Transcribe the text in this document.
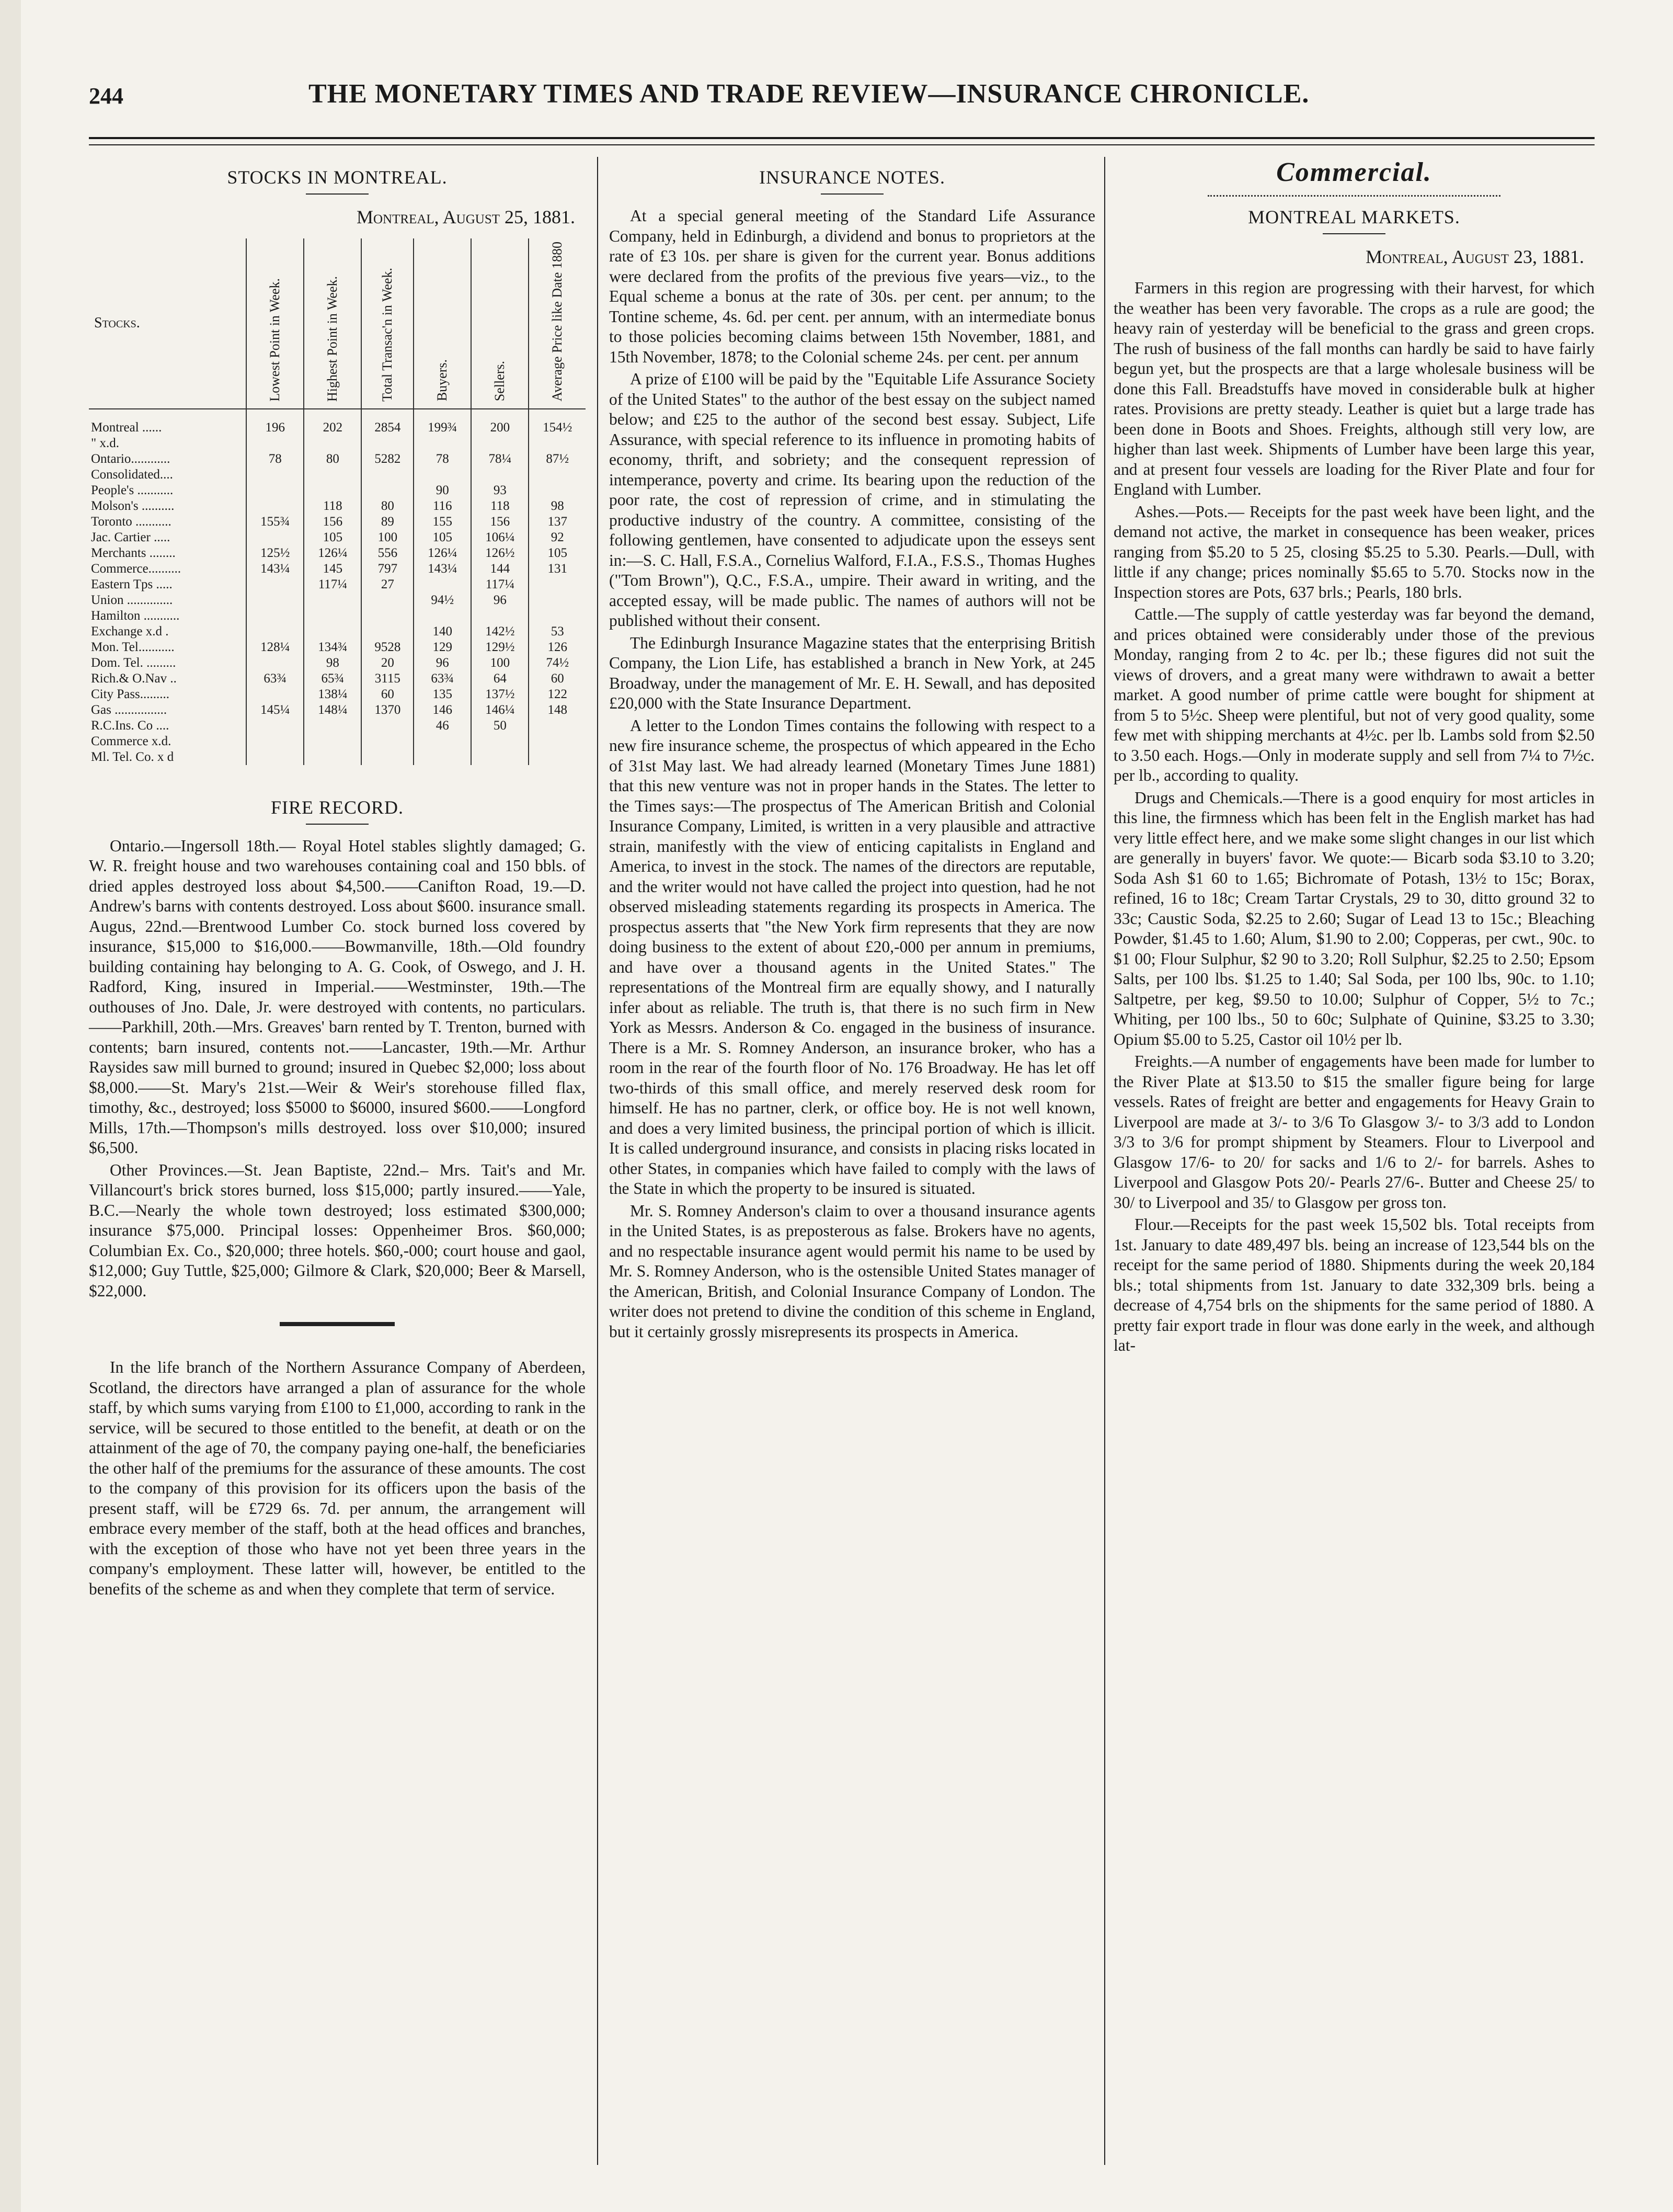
244	THE MONETARY TIMES AND TRADE REVIEW—INSURANCE CHRONICLE.
STOCKS IN MONTREAL.
Montreal, August 25, 1881.
Stocks.	Lowest Point in Week.	Highest Point in Week.	Total Transac'n in Week.	Buyers.	Sellers.	Average Price like Date 1880
Montreal ......	196	202	2854	199¾	200	154½
" x.d.						
Ontario............	78	80	5282	78	78¼	87½
Consolidated....						
People's ...........				90	93	
Molson's ..........		118	80	116	118	98
Toronto ...........	155¾	156	89	155	156	137
Jac. Cartier .....		105	100	105	106¼	92
Merchants ........	125½	126¼	556	126¼	126½	105
Commerce..........	143¼	145	797	143¼	144	131
Eastern Tps .....		117¼	27		117¼	
Union ..............				94½	96	
Hamilton ...........						
Exchange x.d .				140	142½	53
Mon. Tel...........	128¼	134¾	9528	129	129½	126
Dom. Tel. .........		98	20	96	100	74½
Rich.& O.Nav ..	63¾	65¾	3115	63¾	64	60
City Pass.........		138¼	60	135	137½	122
Gas ................	145¼	148¼	1370	146	146¼	148
R.C.Ins. Co ....				46	50	
Commerce x.d.						
Ml. Tel. Co. x d						
FIRE RECORD.

Ontario.—Ingersoll 18th.— Royal Hotel stables slightly damaged; G. W. R. freight house and two warehouses containing coal and 150 bbls. of dried apples destroyed loss about $4,500.——Canifton Road, 19.—D. Andrew's barns with contents destroyed. Loss about $600. insurance small. Augus, 22nd.—Brentwood Lumber Co. stock burned loss covered by insurance, $15,000 to $16,000.——Bowmanville, 18th.—Old foundry building containing hay belonging to A. G. Cook, of Oswego, and J. H. Radford, King, insured in Imperial.——Westminster, 19th.—The outhouses of Jno. Dale, Jr. were destroyed with contents, no particulars.——Parkhill, 20th.—Mrs. Greaves' barn rented by T. Trenton, burned with contents; barn insured, contents not.——Lancaster, 19th.—Mr. Arthur Raysides saw mill burned to ground; insured in Quebec $2,000; loss about $8,000.——St. Mary's 21st.—Weir & Weir's storehouse filled flax, timothy, &c., destroyed; loss $5000 to $6000, insured $600.——Longford Mills, 17th.—Thompson's mills destroyed. loss over $10,000; insured $6,500.

Other Provinces.—St. Jean Baptiste, 22nd.– Mrs. Tait's and Mr. Villancourt's brick stores burned, loss $15,000; partly insured.——Yale, B.C.—Nearly the whole town destroyed; loss estimated $300,000; insurance $75,000. Principal losses: Oppenheimer Bros. $60,000; Columbian Ex. Co., $20,000; three hotels. $60,-000; court house and gaol, $12,000; Guy Tuttle, $25,000; Gilmore & Clark, $20,000; Beer & Marsell, $22,000.

In the life branch of the Northern Assurance Company of Aberdeen, Scotland, the directors have arranged a plan of assurance for the whole staff, by which sums varying from £100 to £1,000, according to rank in the service, will be secured to those entitled to the benefit, at death or on the attainment of the age of 70, the company paying one-half, the beneficiaries the other half of the premiums for the assurance of these amounts. The cost to the company of this provision for its officers upon the basis of the present staff, will be £729 6s. 7d. per annum, the arrangement will embrace every member of the staff, both at the head offices and branches, with the exception of those who have not yet been three years in the company's employment. These latter will, however, be entitled to the benefits of the scheme as and when they complete that term of service.

INSURANCE NOTES.

At a special general meeting of the Standard Life Assurance Company, held in Edinburgh, a dividend and bonus to proprietors at the rate of £3 10s. per share is given for the current year. Bonus additions were declared from the profits of the previous five years—viz., to the Equal scheme a bonus at the rate of 30s. per cent. per annum; to the Tontine scheme, 4s. 6d. per cent. per annum, with an intermediate bonus to those policies becoming claims between 15th November, 1881, and 15th November, 1878; to the Colonial scheme 24s. per cent. per annum

A prize of £100 will be paid by the "Equitable Life Assurance Society of the United States" to the author of the best essay on the subject named below; and £25 to the author of the second best essay. Subject, Life Assurance, with special reference to its influence in promoting habits of economy, thrift, and sobriety; and the consequent repression of intemperance, poverty and crime. Its bearing upon the reduction of the poor rate, the cost of repression of crime, and in stimulating the productive industry of the country. A committee, consisting of the following gentlemen, have consented to adjudicate upon the esseys sent in:—S. C. Hall, F.S.A., Cornelius Walford, F.I.A., F.S.S., Thomas Hughes ("Tom Brown"), Q.C., F.S.A., umpire. Their award in writing, and the accepted essay, will be made public. The names of authors will not be published without their consent.

The Edinburgh Insurance Magazine states that the enterprising British Company, the Lion Life, has established a branch in New York, at 245 Broadway, under the management of Mr. E. H. Sewall, and has deposited £20,000 with the State Insurance Department.

A letter to the London Times contains the following with respect to a new fire insurance scheme, the prospectus of which appeared in the Echo of 31st May last. We had already learned (Monetary Times June 1881) that this new venture was not in proper hands in the States. The letter to the Times says:—The prospectus of The American British and Colonial Insurance Company, Limited, is written in a very plausible and attractive strain, manifestly with the view of enticing capitalists in England and America, to invest in the stock. The names of the directors are reputable, and the writer would not have called the project into question, had he not observed misleading statements regarding its prospects in America. The prospectus asserts that "the New York firm represents that they are now doing business to the extent of about £20,-000 per annum in premiums, and have over a thousand agents in the United States." The representations of the Montreal firm are equally showy, and I naturally infer about as reliable. The truth is, that there is no such firm in New York as Messrs. Anderson & Co. engaged in the business of insurance. There is a Mr. S. Romney Anderson, an insurance broker, who has a room in the rear of the fourth floor of No. 176 Broadway. He has let off two-thirds of this small office, and merely reserved desk room for himself. He has no partner, clerk, or office boy. He is not well known, and does a very limited business, the principal portion of which is illicit. It is called underground insurance, and consists in placing risks located in other States, in companies which have failed to comply with the laws of the State in which the property to be insured is situated.

Mr. S. Romney Anderson's claim to over a thousand insurance agents in the United States, is as preposterous as false. Brokers have no agents, and no respectable insurance agent would permit his name to be used by Mr. S. Romney Anderson, who is the ostensible United States manager of the American, British, and Colonial Insurance Company of London. The writer does not pretend to divine the condition of this scheme in England, but it certainly grossly misrepresents its prospects in America.

Commercial.
MONTREAL MARKETS.
Montreal, August 23, 1881.

Farmers in this region are progressing with their harvest, for which the weather has been very favorable. The crops as a rule are good; the heavy rain of yesterday will be beneficial to the grass and green crops. The rush of business of the fall months can hardly be said to have fairly begun yet, but the prospects are that a large wholesale business will be done this Fall. Breadstuffs have moved in considerable bulk at higher rates. Provisions are pretty steady. Leather is quiet but a large trade has been done in Boots and Shoes. Freights, although still very low, are higher than last week. Shipments of Lumber have been large this year, and at present four vessels are loading for the River Plate and four for England with Lumber.

Ashes.—Pots.— Receipts for the past week have been light, and the demand not active, the market in consequence has been weaker, prices ranging from $5.20 to 5 25, closing $5.25 to 5.30. Pearls.—Dull, with little if any change; prices nominally $5.65 to 5.70. Stocks now in the Inspection stores are Pots, 637 brls.; Pearls, 180 brls.

Cattle.—The supply of cattle yesterday was far beyond the demand, and prices obtained were considerably under those of the previous Monday, ranging from 2 to 4c. per lb.; these figures did not suit the views of drovers, and a great many were withdrawn to await a better market. A good number of prime cattle were bought for shipment at from 5 to 5½c. Sheep were plentiful, but not of very good quality, some few met with shipping merchants at 4½c. per lb. Lambs sold from $2.50 to 3.50 each. Hogs.—Only in moderate supply and sell from 7¼ to 7½c. per lb., according to quality.

Drugs and Chemicals.—There is a good enquiry for most articles in this line, the firmness which has been felt in the English market has had very little effect here, and we make some slight changes in our list which are generally in buyers' favor. We quote:— Bicarb soda $3.10 to 3.20; Soda Ash $1 60 to 1.65; Bichromate of Potash, 13½ to 15c; Borax, refined, 16 to 18c; Cream Tartar Crystals, 29 to 30, ditto ground 32 to 33c; Caustic Soda, $2.25 to 2.60; Sugar of Lead 13 to 15c.; Bleaching Powder, $1.45 to 1.60; Alum, $1.90 to 2.00; Copperas, per cwt., 90c. to $1 00; Flour Sulphur, $2 90 to 3.20; Roll Sulphur, $2.25 to 2.50; Epsom Salts, per 100 lbs. $1.25 to 1.40; Sal Soda, per 100 lbs, 90c. to 1.10; Saltpetre, per keg, $9.50 to 10.00; Sulphur of Copper, 5½ to 7c.; Whiting, per 100 lbs., 50 to 60c; Sulphate of Quinine, $3.25 to 3.30; Opium $5.00 to 5.25, Castor oil 10½ per lb.

Freights.—A number of engagements have been made for lumber to the River Plate at $13.50 to $15 the smaller figure being for large vessels. Rates of freight are better and engagements for Heavy Grain to Liverpool are made at 3/- to 3/6 To Glasgow 3/- to 3/3 add to London 3/3 to 3/6 for prompt shipment by Steamers. Flour to Liverpool and Glasgow 17/6- to 20/ for sacks and 1/6 to 2/- for barrels. Ashes to Liverpool and Glasgow Pots 20/- Pearls 27/6-. Butter and Cheese 25/ to 30/ to Liverpool and 35/ to Glasgow per gross ton.

Flour.—Receipts for the past week 15,502 bls. Total receipts from 1st. January to date 489,497 bls. being an increase of 123,544 bls on the receipt for the same period of 1880. Shipments during the week 20,184 bls.; total shipments from 1st. January to date 332,309 brls. being a decrease of 4,754 brls on the shipments for the same period of 1880. A pretty fair export trade in flour was done early in the week, and although lat-
